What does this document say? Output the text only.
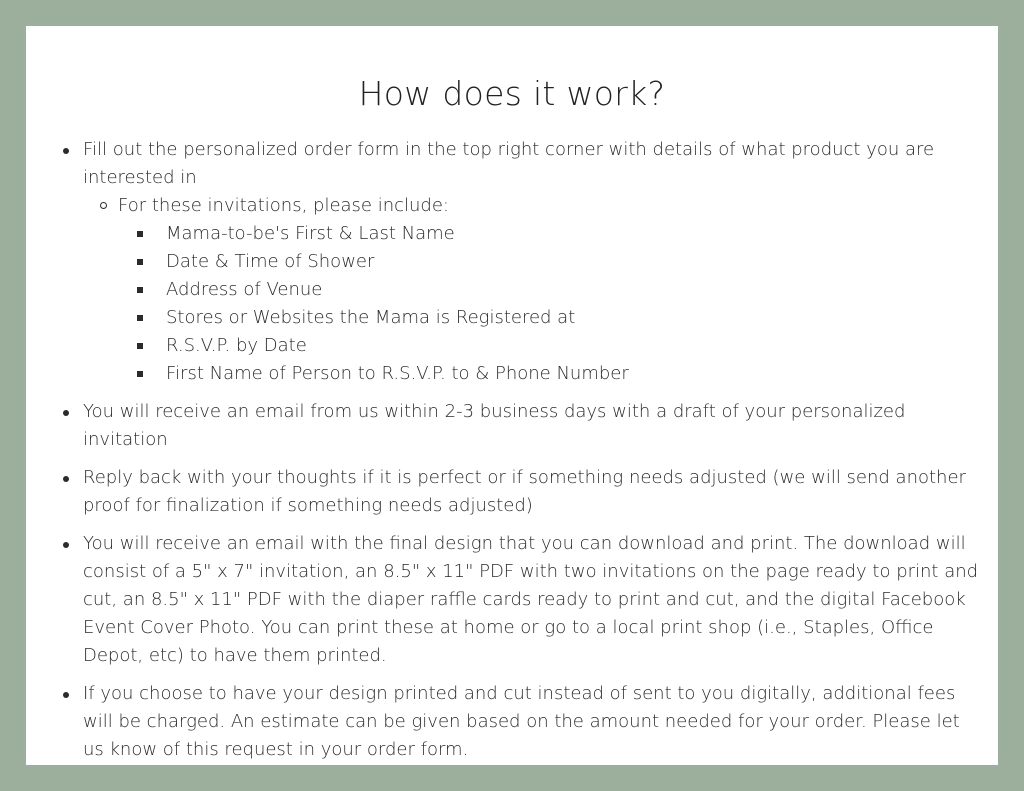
How does it work?
Fill out the personalized order form in the top right corner with details of what product you are interested in
For these invitations, please include:
Mama-to-be's First & Last Name
Date & Time of Shower
Address of Venue
Stores or Websites the Mama is Registered at
R.S.V.P. by Date
First Name of Person to R.S.V.P. to & Phone Number
You will receive an email from us within 2-3 business days with a draft of your personalized invitation
Reply back with your thoughts if it is perfect or if something needs adjusted (we will send another proof for finalization if something needs adjusted)
You will receive an email with the final design that you can download and print. The download will consist of a 5" x 7" invitation, an 8.5" x 11" PDF with two invitations on the page ready to print and cut, an 8.5" x 11" PDF with the diaper raffle cards ready to print and cut, and the digital Facebook Event Cover Photo. You can print these at home or go to a local print shop (i.e., Staples, Office Depot, etc) to have them printed.
If you choose to have your design printed and cut instead of sent to you digitally, additional fees will be charged. An estimate can be given based on the amount needed for your order. Please let us know of this request in your order form.
